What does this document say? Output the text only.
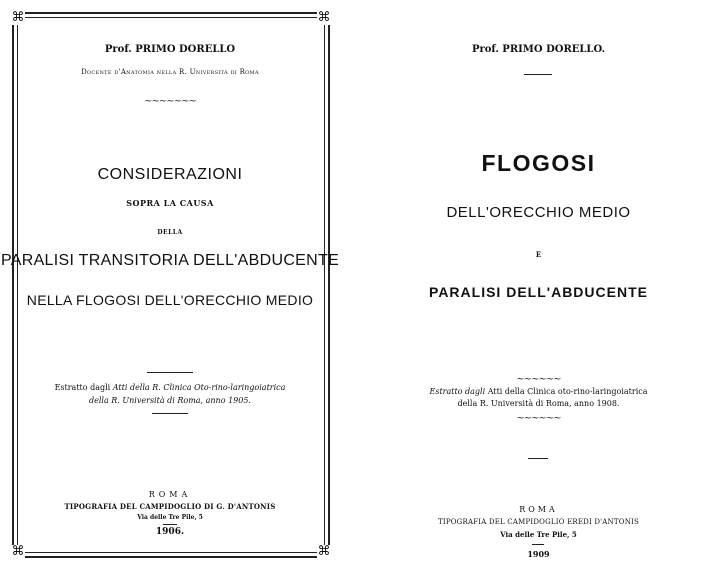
⌘	⌘
⌘	⌘
Prof. PRIMO DORELLO
Docente d'Anatomia nella R. Università di Roma
~~~~~~~
CONSIDERAZIONI
SOPRA LA CAUSA
DELLA
PARALISI TRANSITORIA DELL'ABDUCENTE
NELLA FLOGOSI DELL'ORECCHIO MEDIO
Estratto dagli Atti della R. Clinica Oto-rino-laringoiatrica
della R. Università di Roma, anno 1905.
ROMA
TIPOGRAFIA DEL CAMPIDOGLIO DI G. D'ANTONIS
Via delle Tre Pile, 5
1906.
Prof. PRIMO DORELLO.
FLOGOSI
DELL'ORECCHIO MEDIO
E
PARALISI DELL'ABDUCENTE
~~~~~~
Estratto dagli Atti della Clinica oto-rino-laringoiatrica
della R. Università di Roma, anno 1908.
~~~~~~
ROMA
TIPOGRAFIA DEL CAMPIDOGLIO EREDI D'ANTONIS
Via delle Tre Pile, 5
1909
